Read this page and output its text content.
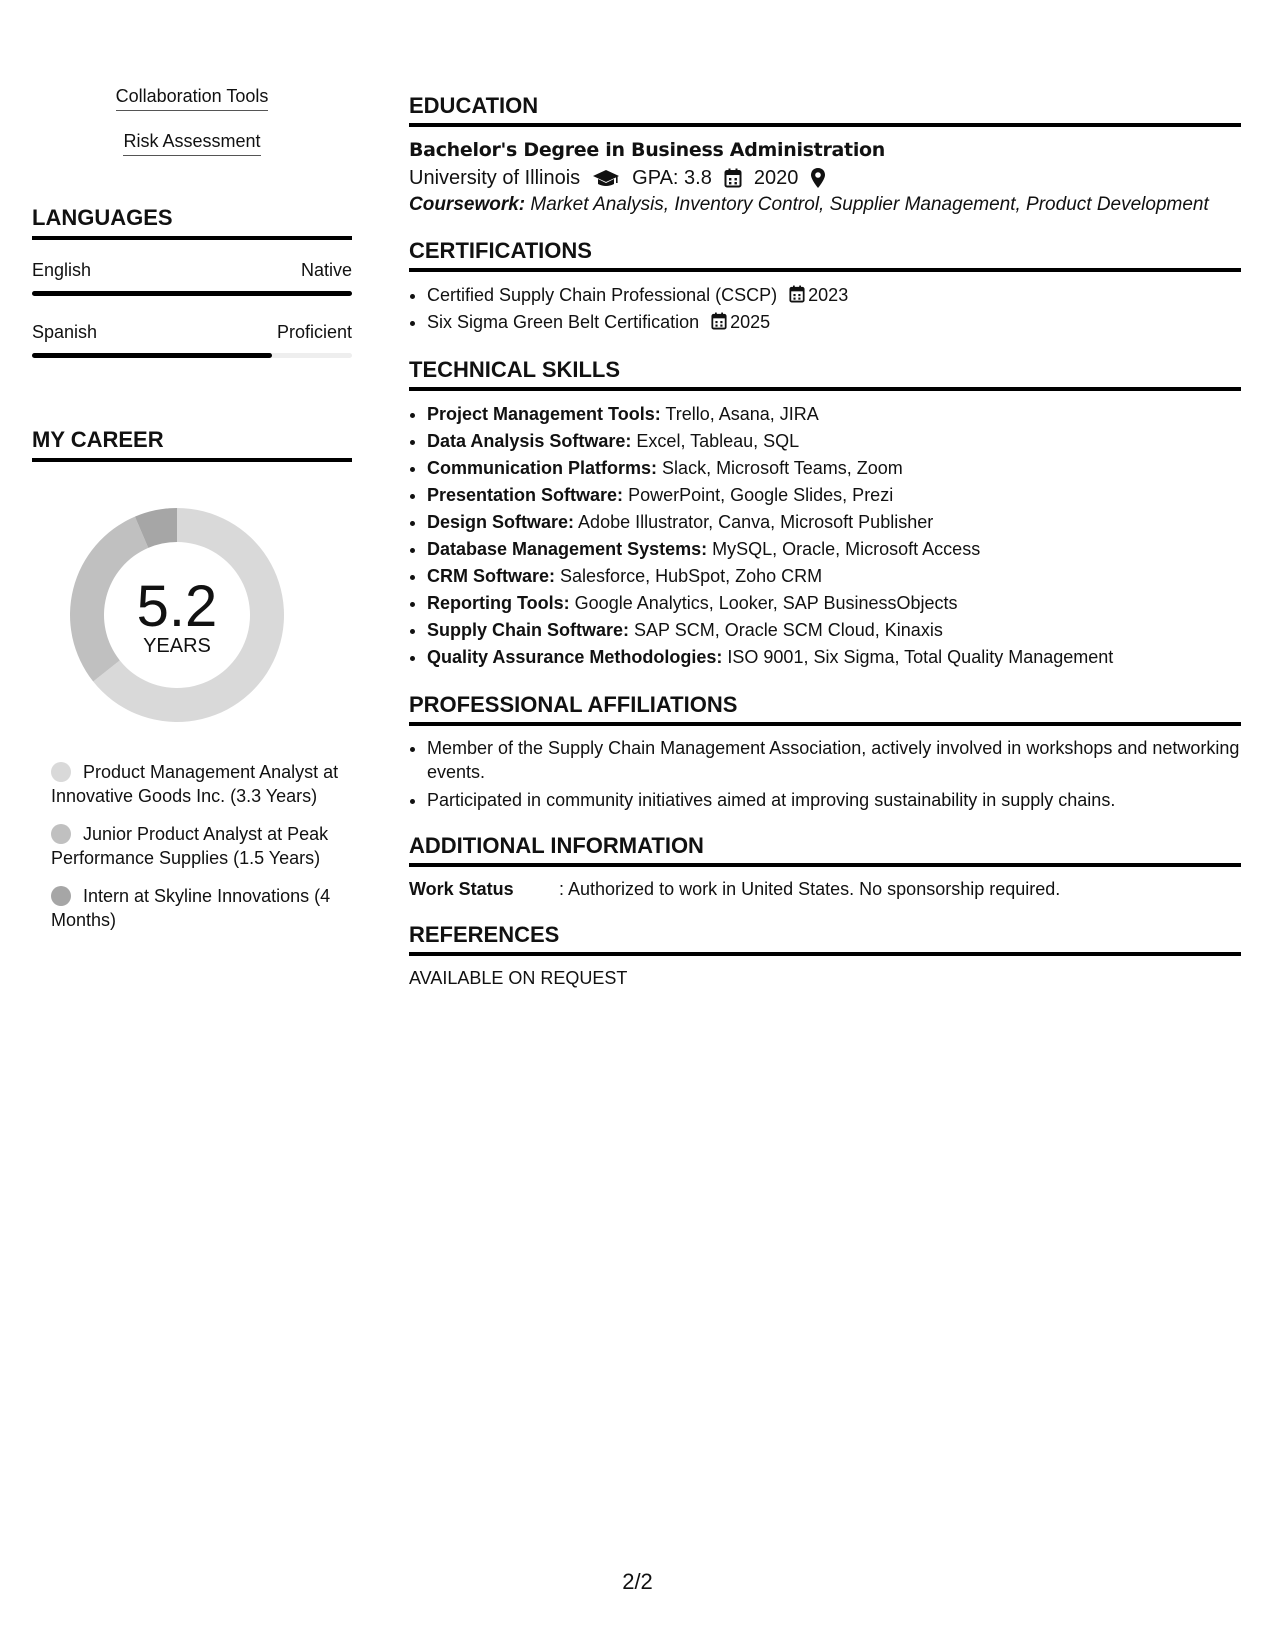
Collaboration Tools
Risk Assessment
LANGUAGES
English	Native
Spanish	Proficient
MY CAREER
5.2
YEARS
Product Management Analyst at Innovative Goods Inc. (3.3 Years)
Junior Product Analyst at Peak Performance Supplies (1.5 Years)
Intern at Skyline Innovations (4 Months)
EDUCATION
Bachelor's Degree in Business Administration
University of Illinois	GPA: 3.8 2020
Coursework: Market Analysis, Inventory Control, Supplier Management, Product Development
CERTIFICATIONS
• Certified Supply Chain Professional (CSCP) 2023
• Six Sigma Green Belt Certification 2025
TECHNICAL SKILLS
• Project Management Tools: Trello, Asana, JIRA
• Data Analysis Software: Excel, Tableau, SQL
• Communication Platforms: Slack, Microsoft Teams, Zoom
• Presentation Software: PowerPoint, Google Slides, Prezi
• Design Software: Adobe Illustrator, Canva, Microsoft Publisher
• Database Management Systems: MySQL, Oracle, Microsoft Access
• CRM Software: Salesforce, HubSpot, Zoho CRM
• Reporting Tools: Google Analytics, Looker, SAP BusinessObjects
• Supply Chain Software: SAP SCM, Oracle SCM Cloud, Kinaxis
• Quality Assurance Methodologies: ISO 9001, Six Sigma, Total Quality Management
PROFESSIONAL AFFILIATIONS
• Member of the Supply Chain Management Association, actively involved in workshops and networking events.
• Participated in community initiatives aimed at improving sustainability in supply chains.
ADDITIONAL INFORMATION
Work Status	: Authorized to work in United States. No sponsorship required.
REFERENCES
AVAILABLE ON REQUEST
2/2
